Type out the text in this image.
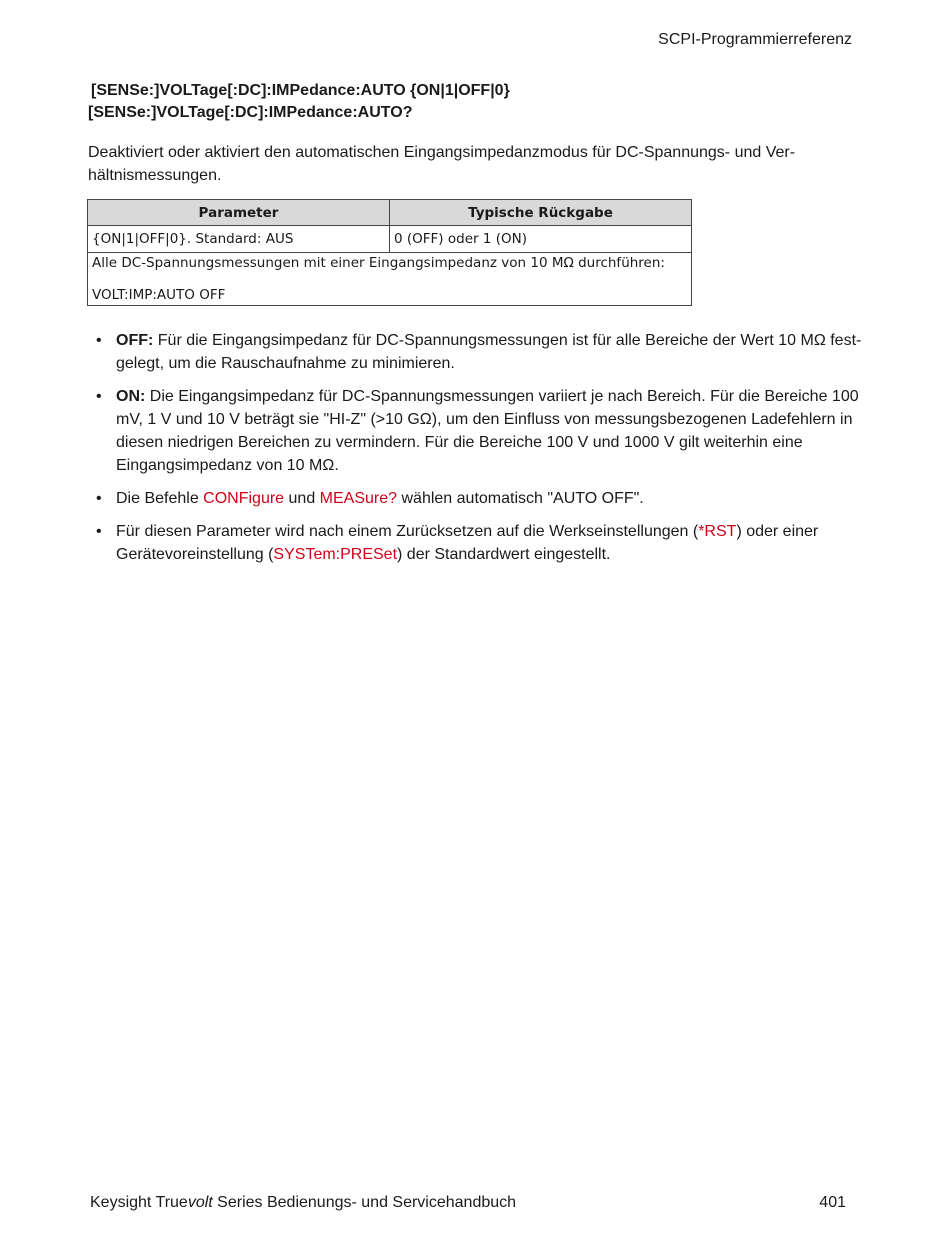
SCPI-Programmierreferenz
[SENSe:]VOLTage[:DC]:IMPedance:AUTO {ON|1|OFF|0}
[SENSe:]VOLTage[:DC]:IMPedance:AUTO?
Deaktiviert oder aktiviert den automatischen Eingangsimpedanzmodus für DC-Spannungs- und Verhältnismessungen.
Parameter	Typische Rückgabe
{ON|1|OFF|0}. Standard: AUS	0 (OFF) oder 1 (ON)

Alle DC-Spannungsmessungen mit einer Eingangsimpedanz von 10 MΩ durchführen:
VOLT:IMP:AUTO OFF	
• OFF: Für die Eingangsimpedanz für DC-Spannungsmessungen ist für alle Bereiche der Wert 10 MΩ festgelegt, um die Rauschaufnahme zu minimieren.
• ON: Die Eingangsimpedanz für DC-Spannungsmessungen variiert je nach Bereich. Für die Bereiche 100 mV, 1 V und 10 V beträgt sie "HI-Z" (>10 GΩ), um den Einfluss von messungsbezogenen Ladefehlern in diesen niedrigen Bereichen zu vermindern. Für die Bereiche 100 V und 1000 V gilt weiterhin eine Eingangsimpedanz von 10 MΩ.
• Die Befehle CONFigure und MEASure? wählen automatisch "AUTO OFF".
• Für diesen Parameter wird nach einem Zurücksetzen auf die Werkseinstellungen (*RST) oder einer Gerätevoreinstellung (SYSTem:PRESet) der Standardwert eingestellt.
Keysight Truevolt Series Bedienungs- und Servicehandbuch	401
